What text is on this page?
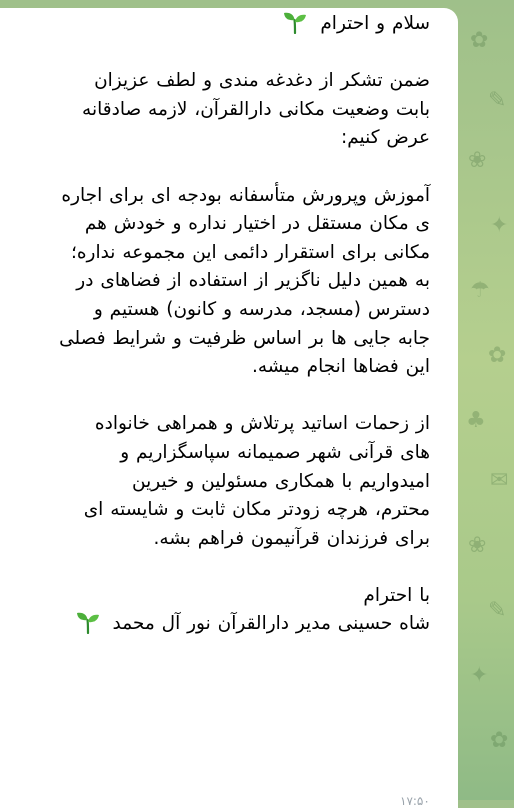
✿
✎
❀
✦
☂
✿
♣
✉
❀
✎
✦
✿
سلام و احترام
ضمن تشکر از دغدغه مندی و لطف عزیزان
بابت وضعیت مکانی دارالقرآن، لازمه صادقانه
عرض کنیم:
آموزش وپرورش متأسفانه بودجه ای برای اجاره
ی مکان مستقل در اختیار نداره و خودش هم
مکانی برای استقرار دائمی این مجموعه نداره؛
به همین دلیل ناگزیر از استفاده از فضاهای در
دسترس (مسجد، مدرسه و کانون) هستیم و
جابه جایی ها بر اساس ظرفیت و شرایط فصلی
این فضاها انجام میشه.
از زحمات اساتید پرتلاش و همراهی خانواده
های قرآنی شهر صمیمانه سپاسگزاریم و
امیدواریم با همکاری مسئولین و خیرین
محترم، هرچه زودتر مکان ثابت و شایسته ای
برای فرزندان قرآنیمون فراهم بشه.
با احترام
شاه حسینی مدیر دارالقرآن نور آل محمد
۱۷:۵۰
